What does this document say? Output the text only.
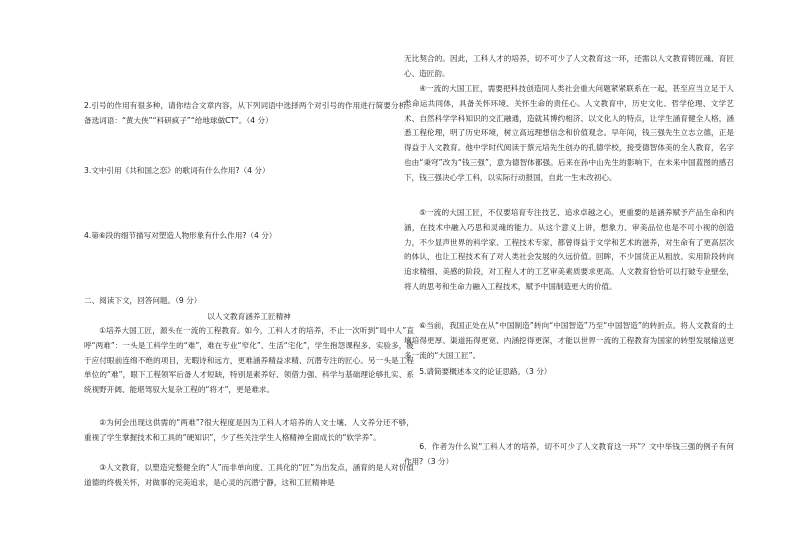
2.引号的作用有很多种，请你结合文章内容，从下列词语中选择两个对引号的作用进行简要分析。备选词语：“黄大侠”“科研疯子”“给地球做CT”。（4 分）

3.文中引用《共和国之恋》的歌词有什么作用?（4 分）

4.第⑥段的细节描写对塑造人物形象有什么作用?（4 分）

二、阅读下文，回答问题。（9 分）

以人文教育涵养工匠精神

①培养大国工匠，源头在一流的工程教育。如今，工科人才的培养，不止一次听到“局中人”直呼“两难”：一头是工科学生的“难”，难在专业“窄化”、生活“宅化”，学生抱怨课程多、实验多，疲于应付眼前连绵不绝的项目，无暇诗和远方，更难涵养精益求精、沉潜专注的匠心。另一头是工程单位的“难”，眼下工程领军后备人才短缺，特别是素养好、领借力强、科学与基础理论够扎实、系统视野开阔、能堪驾驭大复杂工程的“将才”，更是难求。

②为何会出现这供需的“两难”?很大程度是因为工科人才培养的人文士壤、人文养分还不够，重视了学生掌握技术和工具的“硬知识”，少了些关注学生人格精神全面成长的“软学养”。

③人文教育，以塑造完整健全的“人”而非单向度、工具化的“匠”为出发点，涵育的是人对价值道德的终极关怀，对做事的完美追求，是心灵的沉潜宁静，这和工匠精神是

无比契合的。因此，工科人才的培养，切不可少了人文教育这一环，还需以人文教育铸匠魂、育匠心、造匠韵。

④一流的大国工匠，需要把科技创造同人类社会重大问题紧紧联系在一起，甚至应当立足于人类命运共同体，具备关怀环境、关怀生命的责任心。人文教育中，历史文化、哲学伦理、文学艺术、自然科学学科知识的交汇融通，造就其博约相济、以文化人的特点，让学生涵育健全人格，涵悉工程伦理，明了历史环境，树立高远理想信念和价值观念。早年间，钱三强先生立志立德，正是得益于人文教育。他中学时代阅读于蔡元培先生创办的孔德学校，接受德智体美的全人教育，名字也由“秉穹”改为“钱三强”，意为德智体都强。后来在孙中山先生的影响下，在未来中国蓝图的感召下，钱三强决心学工科，以实际行动报国，自此一生未改初心。

⑤一流的大国工匠，不仅要培育专注技艺、追求卓越之心，更重要的是涵养赋予产品生命和内涵，在技术中融入巧思和灵魂的能力。从这个意义上讲，想象力、审美品位也是不可小视的创造力，不少显声世界的科学家、工程技术专家，都曾得益于文学和艺术的滋养，对生命有了更高层次的体认，也让工程技术有了对人类社会发展的久远价值。回眸，不少国货正从粗放、实用阶段转向追求精细、美感的阶段，对工程人才的工艺审美素质要求更高。人文教育恰恰可以打破专业壁垒，将人的思考和生命力融入工程技术，赋予中国制造更大的价值。

⑥当前，我国正处在从“中国制造”转向“中国智造”乃至“中国智造”的转折点。将人文教育的土壤培得更厚、渠道拓得更宽、内涵挖得更深，才能以世界一流的工程教育为国家的转型发展输送更多一流的“大国工匠”。

5.请简要概述本文的论证思路。（3 分）

6．作者为什么说“工科人才的培养，切不可少了人文教育这一环”？文中举钱三强的例子有何作用?（3 分）
